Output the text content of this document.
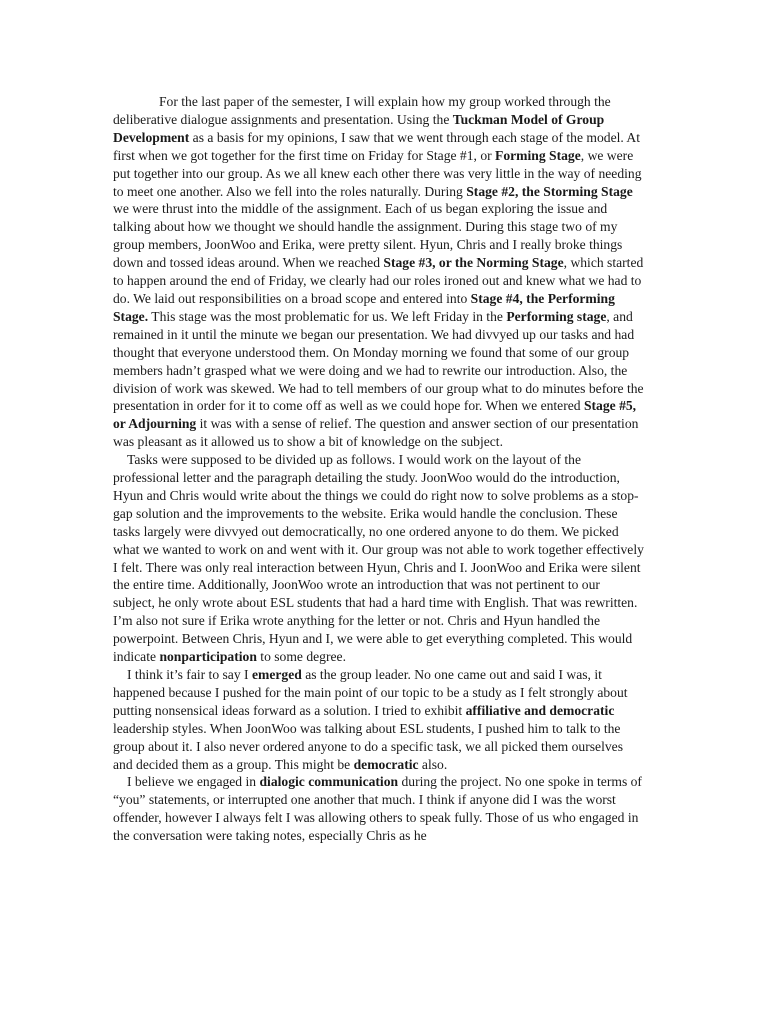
For the last paper of the semester, I will explain how my group worked through the deliberative dialogue assignments and presentation. Using the Tuckman Model of Group Development as a basis for my opinions, I saw that we went through each stage of the model. At first when we got together for the first time on Friday for Stage #1, or Forming Stage, we were put together into our group. As we all knew each other there was very little in the way of needing to meet one another. Also we fell into the roles naturally. During Stage #2, the Storming Stage we were thrust into the middle of the assignment. Each of us began exploring the issue and talking about how we thought we should handle the assignment. During this stage two of my group members, JoonWoo and Erika, were pretty silent. Hyun, Chris and I really broke things down and tossed ideas around. When we reached Stage #3, or the Norming Stage, which started to happen around the end of Friday, we clearly had our roles ironed out and knew what we had to do. We laid out responsibilities on a broad scope and entered into Stage #4, the Performing Stage. This stage was the most problematic for us. We left Friday in the Performing stage, and remained in it until the minute we began our presentation. We had divvyed up our tasks and had thought that everyone understood them. On Monday morning we found that some of our group members hadn’t grasped what we were doing and we had to rewrite our introduction. Also, the division of work was skewed. We had to tell members of our group what to do minutes before the presentation in order for it to come off as well as we could hope for. When we entered Stage #5, or Adjourning it was with a sense of relief. The question and answer section of our presentation was pleasant as it allowed us to show a bit of knowledge on the subject.

Tasks were supposed to be divided up as follows. I would work on the layout of the professional letter and the paragraph detailing the study. JoonWoo would do the introduction, Hyun and Chris would write about the things we could do right now to solve problems as a stop-gap solution and the improvements to the website. Erika would handle the conclusion. These tasks largely were divvyed out democratically, no one ordered anyone to do them. We picked what we wanted to work on and went with it. Our group was not able to work together effectively I felt. There was only real interaction between Hyun, Chris and I. JoonWoo and Erika were silent the entire time. Additionally, JoonWoo wrote an introduction that was not pertinent to our subject, he only wrote about ESL students that had a hard time with English. That was rewritten. I’m also not sure if Erika wrote anything for the letter or not. Chris and Hyun handled the powerpoint. Between Chris, Hyun and I, we were able to get everything completed. This would indicate nonparticipation to some degree.

I think it’s fair to say I emerged as the group leader. No one came out and said I was, it happened because I pushed for the main point of our topic to be a study as I felt strongly about putting nonsensical ideas forward as a solution. I tried to exhibit affiliative and democratic leadership styles. When JoonWoo was talking about ESL students, I pushed him to talk to the group about it. I also never ordered anyone to do a specific task, we all picked them ourselves and decided them as a group. This might be democratic also.

I believe we engaged in dialogic communication during the project. No one spoke in terms of “you” statements, or interrupted one another that much. I think if anyone did I was the worst offender, however I always felt I was allowing others to speak fully. Those of us who engaged in the conversation were taking notes, especially Chris as he
